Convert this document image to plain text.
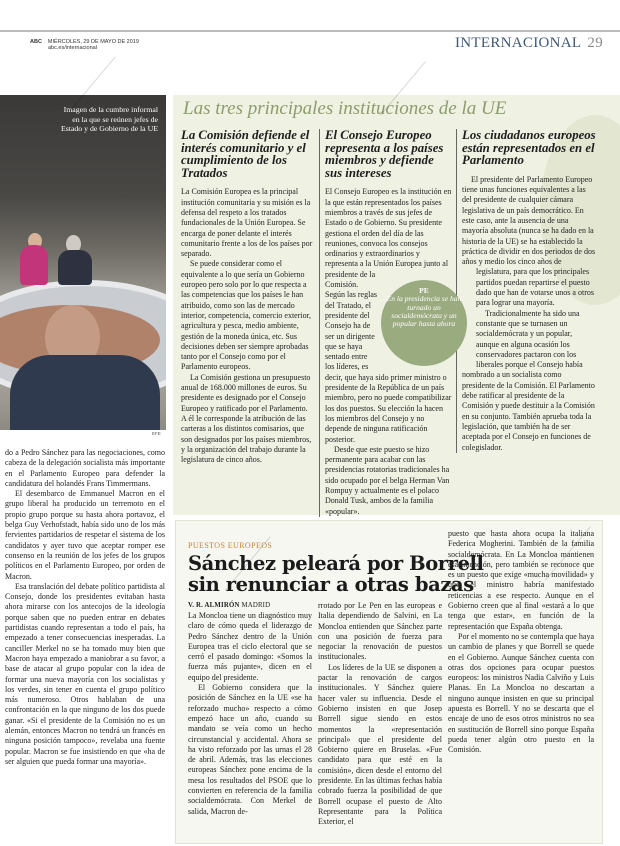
ABC MIÉRCOLES, 29 DE MAYO DE 2019
abc.es/internacional	INTERNACIONAL 29
Imagen de la cumbre informal en la que se reúnen jefes de Estado y de Gobierno de la UE
EFE
Las tres principales instituciones de la UE
La Comisión defiende el interés comunitario y el cumplimiento de los Tratados

La Comisión Europea es la principal institución comunitaria y su misión es la defensa del respeto a los tratados fundacionales de la Unión Europea. Se encarga de poner delante el interés comunitario frente a los de los países por separado.

Se puede considerar como el equivalente a lo que sería un Gobierno europeo pero solo por lo que respecta a las competencias que los países le han atribuido, como son las de mercado interior, competencia, comercio exterior, agricultura y pesca, medio ambiente, gestión de la moneda única, etc. Sus decisiones deben ser siempre aprobadas tanto por el Consejo como por el Parlamento europeos.

La Comisión gestiona un presupuesto anual de 168.000 millones de euros. Su presidente es designado por el Consejo Europeo y ratificado por el Parlamento. A él le corresponde la atribución de las carteras a los distintos comisarios, que son designados por los países miembros, y la organización del trabajo durante la legislatura de cinco años.

El Consejo Europeo representa a los países miembros y defiende sus intereses

El Consejo Europeo es la institución en la que están representados los países miembros a través de sus jefes de Estado o de Gobierno. Su presidente gestiona el orden del día de las reuniones, convoca los consejos ordinarios y extraordinarios y representa a la Unión Europea junto al presidente de la Comisión. Según las reglas del Tratado, el presidente del Consejo ha de ser un dirigente que se haya sentado entre los líderes, es decir, que haya sido primer ministro o presidente de la República de un país miembro, pero no puede compatibilizar los dos puestos. Su elección la hacen los miembros del Consejo y no depende de ninguna ratificación posterior.

Desde que este puesto se hizo permanente para acabar con las presidencias rotatorias tradicionales ha sido ocupado por el belga Herman Van Rompuy y actualmente es el polaco Donald Tusk, ambos de la familia «popular».

Los ciudadanos europeos están representados en el Parlamento

El presidente del Parlamento Europeo tiene unas funciones equivalentes a las del presidente de cualquier cámara legislativa de un país democrático. En este caso, ante la ausencia de una mayoría absoluta (nunca se ha dado en la historia de la UE) se ha establecido la práctica de dividir en dos periodos de dos años y medio los cinco años de legislatura, para que los principales partidos puedan repartirse el puesto dado que han de votarse unos a otros para lograr una mayoría.

Tradicionalmente ha sido una constante que se turnasen un socialdemócrata y un popular, aunque en alguna ocasión los conservadores pactaron con los liberales porque el Consejo había nombrado a un socialista como presidente de la Comisión. El Parlamento debe ratificar al presidente de la Comisión y puede destituir a la Comisión en su conjunto. También aprueba toda la legislación, que también ha de ser aceptada por el Consejo en funciones de colegislador.

PE
En la presidencia se han turnado un socialdemócrata y un popular hasta ahora

do a Pedro Sánchez para las negociaciones, como cabeza de la delegación socialista más importante en el Parlamento Europeo para defender la candidatura del holandés Frans Timmermans.

El desembarco de Emmanuel Macron en el grupo liberal ha producido un terremoto en el propio grupo porque su hasta ahora portavoz, el belga Guy Verhofstadt, había sido uno de los más fervientes partidarios de respetar el sistema de los candidatos y ayer tuvo que aceptar romper ese consenso en la reunión de los jefes de los grupos políticos en el Parlamento Europeo, por orden de Macron.

Esa translación del debate político partidista al Consejo, donde los presidentes evitaban hasta ahora mirarse con los antecojos de la ideología porque saben que no pueden entrar en debates partidistas cuando representan a todo el país, ha empezado a tener consecuencias inesperadas. La canciller Merkel no se ha tomado muy bien que Macron haya empezado a maniobrar a su favor, a base de atacar al grupo popular con la idea de formar una nueva mayoría con los socialistas y los verdes, sin tener en cuenta el grupo político más numeroso. Otros hablaban de una confrontación en la que ninguno de los dos puede ganar. «Si el presidente de la Comisión no es un alemán, entonces Macron no tendrá un francés en ninguna posición tampoco», revelaba una fuente popular. Macron se fue insistiendo en que «ha de ser alguien que pueda formar una mayoría».

PUESTOS EUROPEOS
Sánchez peleará por Borrell sin renunciar a otras bazas
V. R. ALMIRÓN MADRID

La Moncloa tiene un diagnóstico muy claro de cómo queda el liderazgo de Pedro Sánchez dentro de la Unión Europea tras el ciclo electoral que se cerró el pasado domingo: «Somos la fuerza más pujante», dicen en el equipo del presidente.

El Gobierno considera que la posición de Sánchez en la UE «se ha reforzado mucho» respecto a cómo empezó hace un año, cuando su mandato se veía como un hecho circunstancial y accidental. Ahora se ha visto reforzado por las urnas el 28 de abril. Además, tras las elecciones europeas Sánchez pone encima de la mesa los resultados del PSOE que lo convierten en referencia de la familia socialdemócrata. Con Merkel de salida, Macron de-

rrotado por Le Pen en las europeas e Italia dependiendo de Salvini, en La Moncloa entienden que Sánchez parte con una posición de fuerza para negociar la renovación de puestos institucionales.

Los líderes de la UE se disponen a pactar la renovación de cargos institucionales. Y Sánchez quiere hacer valer su influencia. Desde el Gobierno insisten en que Josep Borrell sigue siendo en estos momentos la «representación principal» que el presidente del Gobierno quiere en Bruselas. «Fue candidato para que esté en la comisión», dicen desde el entorno del presidente. En las últimas fechas había cobrado fuerza la posibilidad de que Borrell ocupase el puesto de Alto Representante para la Política Exterior, el

puesto que hasta ahora ocupa la italiana Federica Mogherini. También de la familia socialdemócrata. En La Moncloa mantienen esa intención, pero también se reconoce que es un puesto que exige «mucha movilidad» y que el ministro habría manifestado reticencias a ese respecto. Aunque en el Gobierno creen que al final «estará a lo que tenga que estar», en función de la representación que España obtenga.

Por el momento no se contempla que haya un cambio de planes y que Borrell se quede en el Gobierno. Aunque Sánchez cuenta con otras dos opciones para ocupar puestos europeos: los ministros Nadia Calviño y Luis Planas. En La Moncloa no descartan a ninguno aunque insisten en que su principal apuesta es Borrell. Y no se descarta que el encaje de uno de esos otros ministros no sea en sustitución de Borrell sino porque España pueda tener algún otro puesto en la Comisión.
